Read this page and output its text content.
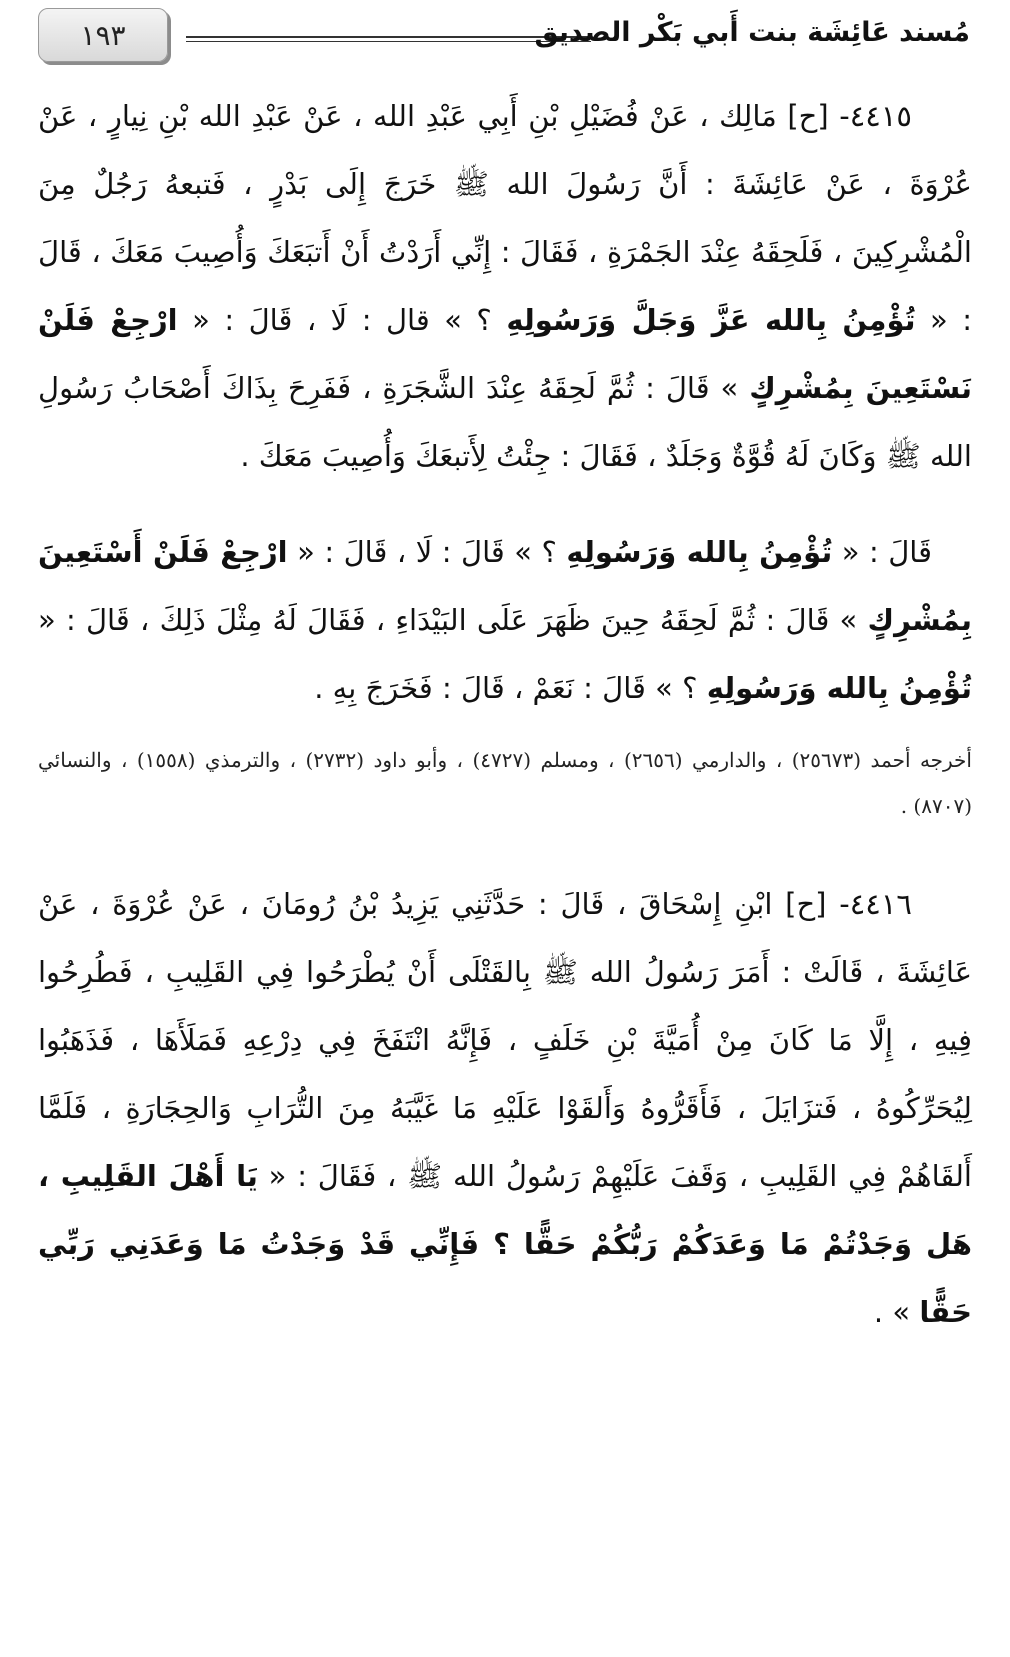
١٩٣	مُسند عَائِشَة بنت أَبي بَكْر الصديق

٤٤١٥- [ح] مَالِك ، عَنْ فُضَيْلِ بْنِ أَبِي عَبْدِ الله ، عَنْ عَبْدِ الله بْنِ نِيارٍ ، عَنْ عُرْوَةَ ، عَنْ عَائِشَةَ : أَنَّ رَسُولَ الله ﷺ خَرَجَ إِلَى بَدْرٍ ، فَتبعهُ رَجُلٌ مِنَ الْمُشْرِكِينَ ، فَلَحِقَهُ عِنْدَ الجَمْرَةِ ، فَقَالَ : إِنِّي أَرَدْتُ أَنْ أَتبَعَكَ وَأُصِيبَ مَعَكَ ، قَالَ : « تُؤْمِنُ بِالله عَزَّ وَجَلَّ وَرَسُولِهِ ؟ » قال : لَا ، قَالَ : « ارْجِعْ فَلَنْ نَسْتَعِينَ بِمُشْرِكٍ » قَالَ : ثُمَّ لَحِقَهُ عِنْدَ الشَّجَرَةِ ، فَفَرِحَ بِذَاكَ أَصْحَابُ رَسُولِ الله ﷺ وَكَانَ لَهُ قُوَّةٌ وَجَلَدٌ ، فَقَالَ : جِئْتُ لِأَتبعَكَ وَأُصِيبَ مَعَكَ .

قَالَ : « تُؤْمِنُ بِالله وَرَسُولِهِ ؟ » قَالَ : لَا ، قَالَ : « ارْجِعْ فَلَنْ أَسْتَعِينَ بِمُشْرِكٍ » قَالَ : ثُمَّ لَحِقَهُ حِينَ ظَهَرَ عَلَى البَيْدَاءِ ، فَقَالَ لَهُ مِثْلَ ذَلِكَ ، قَالَ : « تُؤْمِنُ بِالله وَرَسُولِهِ ؟ » قَالَ : نَعَمْ ، قَالَ : فَخَرَجَ بِهِ .

أخرجه أحمد (٢٥٦٧٣) ، والدارمي (٢٦٥٦) ، ومسلم (٤٧٢٧) ، وأبو داود (٢٧٣٢) ، والترمذي (١٥٥٨) ، والنسائي (٨٧٠٧) .

٤٤١٦- [ح] ابْنِ إِسْحَاقَ ، قَالَ : حَدَّثَنِي يَزِيدُ بْنُ رُومَانَ ، عَنْ عُرْوَةَ ، عَنْ عَائِشَةَ ، قَالَتْ : أَمَرَ رَسُولُ الله ﷺ بِالقَتْلَى أَنْ يُطْرَحُوا فِي القَلِيبِ ، فَطُرِحُوا فِيهِ ، إِلَّا مَا كَانَ مِنْ أُمَيَّةَ بْنِ خَلَفٍ ، فَإِنَّهُ انْتَفَخَ فِي دِرْعِهِ فَمَلَأَهَا ، فَذَهَبُوا لِيُحَرِّكُوهُ ، فَتزَايَلَ ، فَأَقَرُّوهُ وَأَلقَوْا عَلَيْهِ مَا غَيَّبَهُ مِنَ التُّرَابِ وَالحِجَارَةِ ، فَلَمَّا أَلقَاهُمْ فِي القَلِيبِ ، وَقَفَ عَلَيْهِمْ رَسُولُ الله ﷺ ، فَقَالَ : « يَا أَهْلَ القَلِيبِ ، هَل وَجَدْتُمْ مَا وَعَدَكُمْ رَبُّكُمْ حَقًّا ؟ فَإِنِّي قَدْ وَجَدْتُ مَا وَعَدَنِي رَبِّي حَقًّا » .
